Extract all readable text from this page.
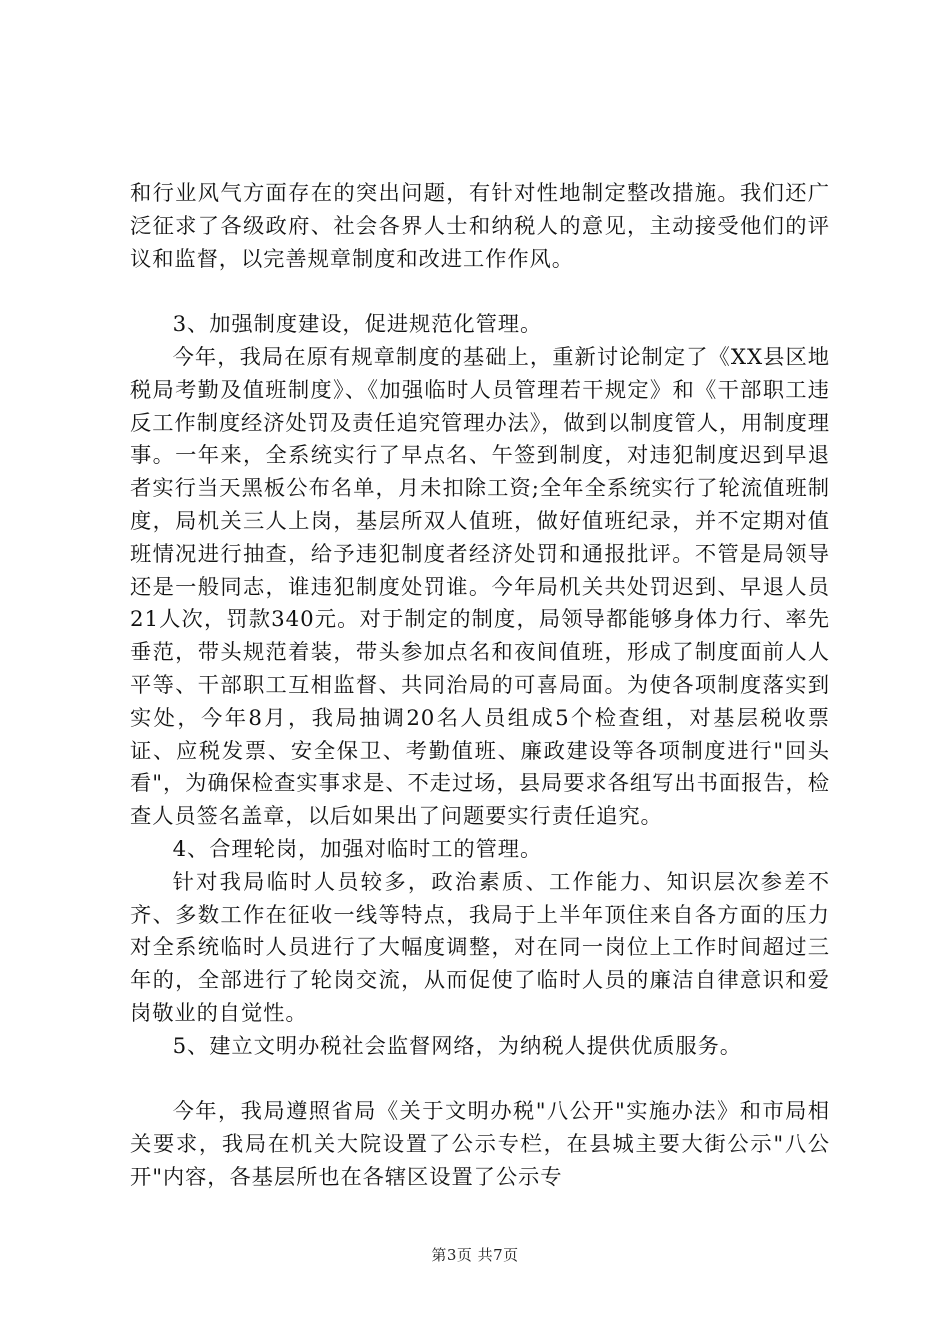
和行业风气方面存在的突出问题，有针对性地制定整改措施。我们还广泛征求了各级政府、社会各界人士和纳税人的意见，主动接受他们的评议和监督，以完善规章制度和改进工作作风。

3、加强制度建设，促进规范化管理。

今年，我局在原有规章制度的基础上，重新讨论制定了《XX县区地税局考勤及值班制度》、《加强临时人员管理若干规定》和《干部职工违反工作制度经济处罚及责任追究管理办法》，做到以制度管人，用制度理事。一年来，全系统实行了早点名、午签到制度，对违犯制度迟到早退者实行当天黑板公布名单，月未扣除工资;全年全系统实行了轮流值班制度，局机关三人上岗，基层所双人值班，做好值班纪录，并不定期对值班情况进行抽查，给予违犯制度者经济处罚和通报批评。不管是局领导还是一般同志，谁违犯制度处罚谁。今年局机关共处罚迟到、早退人员21人次，罚款340元。对于制定的制度，局领导都能够身体力行、率先垂范，带头规范着装，带头参加点名和夜间值班，形成了制度面前人人平等、干部职工互相监督、共同治局的可喜局面。为使各项制度落实到实处，今年8月，我局抽调20名人员组成5个检查组，对基层税收票证、应税发票、安全保卫、考勤值班、廉政建设等各项制度进行"回头看"，为确保检查实事求是、不走过场，县局要求各组写出书面报告，检查人员签名盖章，以后如果出了问题要实行责任追究。

4、合理轮岗，加强对临时工的管理。

针对我局临时人员较多，政治素质、工作能力、知识层次参差不齐、多数工作在征收一线等特点，我局于上半年顶住来自各方面的压力对全系统临时人员进行了大幅度调整，对在同一岗位上工作时间超过三年的，全部进行了轮岗交流，从而促使了临时人员的廉洁自律意识和爱岗敬业的自觉性。

5、建立文明办税社会监督网络，为纳税人提供优质服务。

今年，我局遵照省局《关于文明办税"八公开"实施办法》和市局相关要求，我局在机关大院设置了公示专栏，在县城主要大街公示"八公开"内容，各基层所也在各辖区设置了公示专

第3页 共7页
